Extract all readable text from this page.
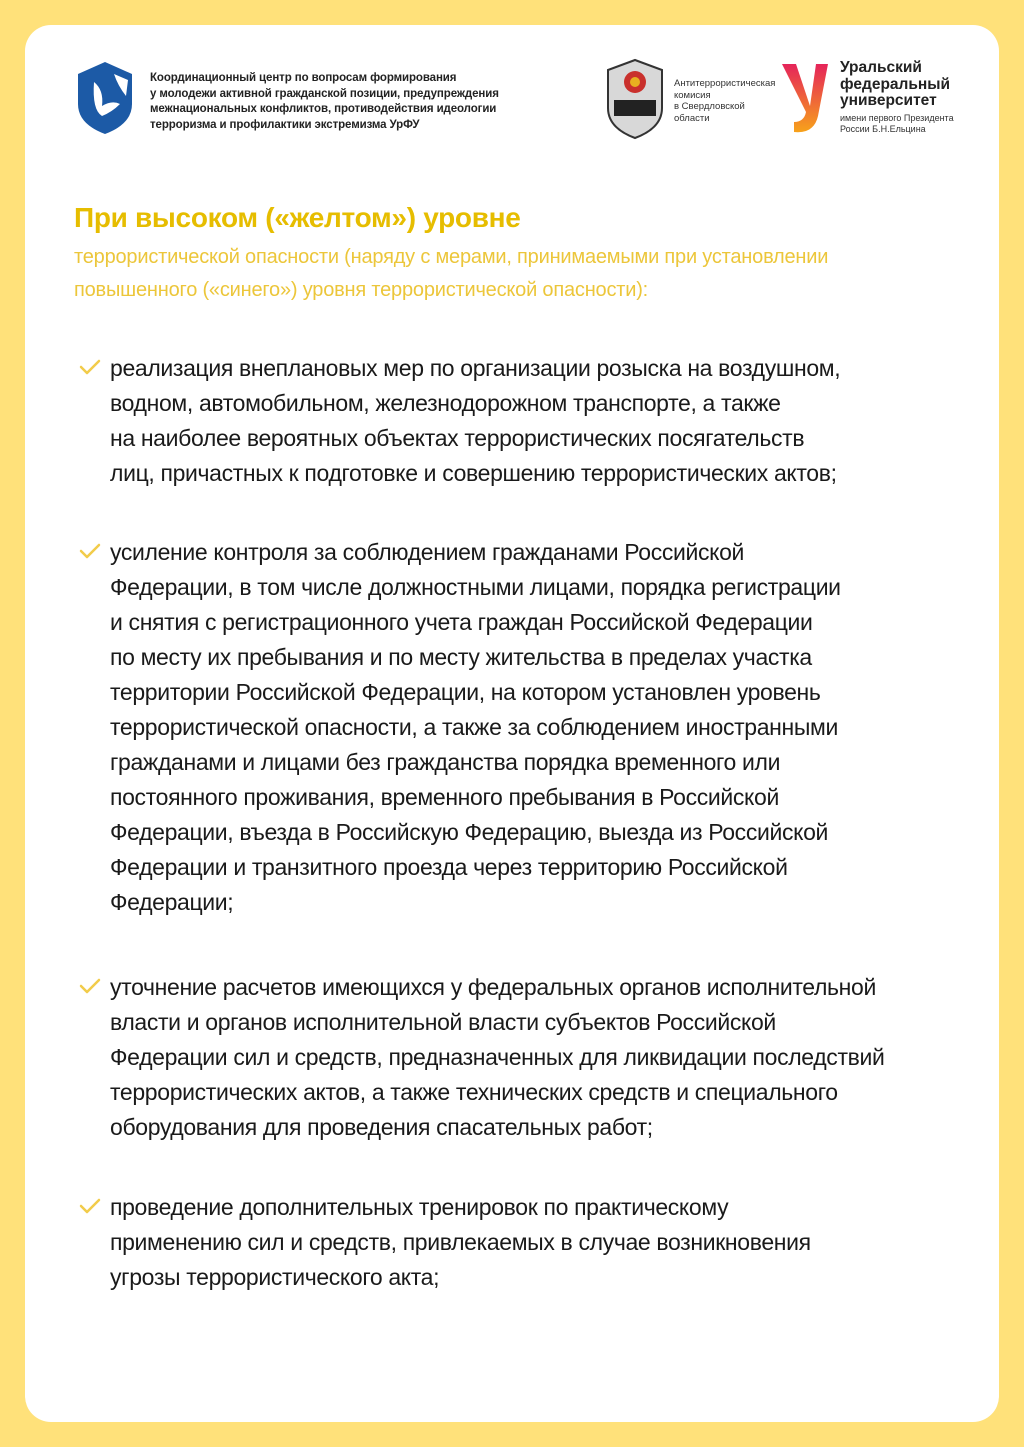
Координационный центр по вопросам формирования
у молодежи активной гражданской позиции, предупреждения
межнациональных конфликтов, противодействия идеологии
терроризма и профилактики экстремизма УрФУ
Антитеррористическая
комисия
в Свердловской
области
Уральский
федеральный
университет
имени первого Президента
России Б.Н.Ельцина
При высоком («желтом») уровне
террористической опасности (наряду с мерами, принимаемыми при установлении
повышенного («синего») уровня террористической опасности):
реализация внеплановых мер по организации розыска на воздушном,
водном, автомобильном, железнодорожном транспорте, а также
на наиболее вероятных объектах террористических посягательств
лиц, причастных к подготовке и совершению террористических актов;
усиление контроля за соблюдением гражданами Российской
Федерации, в том числе должностными лицами, порядка регистрации
и снятия с регистрационного учета граждан Российской Федерации
по месту их пребывания и по месту жительства в пределах участка
территории Российской Федерации, на котором установлен уровень
террористической опасности, а также за соблюдением иностранными
гражданами и лицами без гражданства порядка временного или
постоянного проживания, временного пребывания в Российской
Федерации, въезда в Российскую Федерацию, выезда из Российской
Федерации и транзитного проезда через территорию Российской
Федерации;
уточнение расчетов имеющихся у федеральных органов исполнительной
власти и органов исполнительной власти субъектов Российской
Федерации сил и средств, предназначенных для ликвидации последствий
террористических актов, а также технических средств и специального
оборудования для проведения спасательных работ;
проведение дополнительных тренировок по практическому
применению сил и средств, привлекаемых в случае возникновения
угрозы террористического акта;
